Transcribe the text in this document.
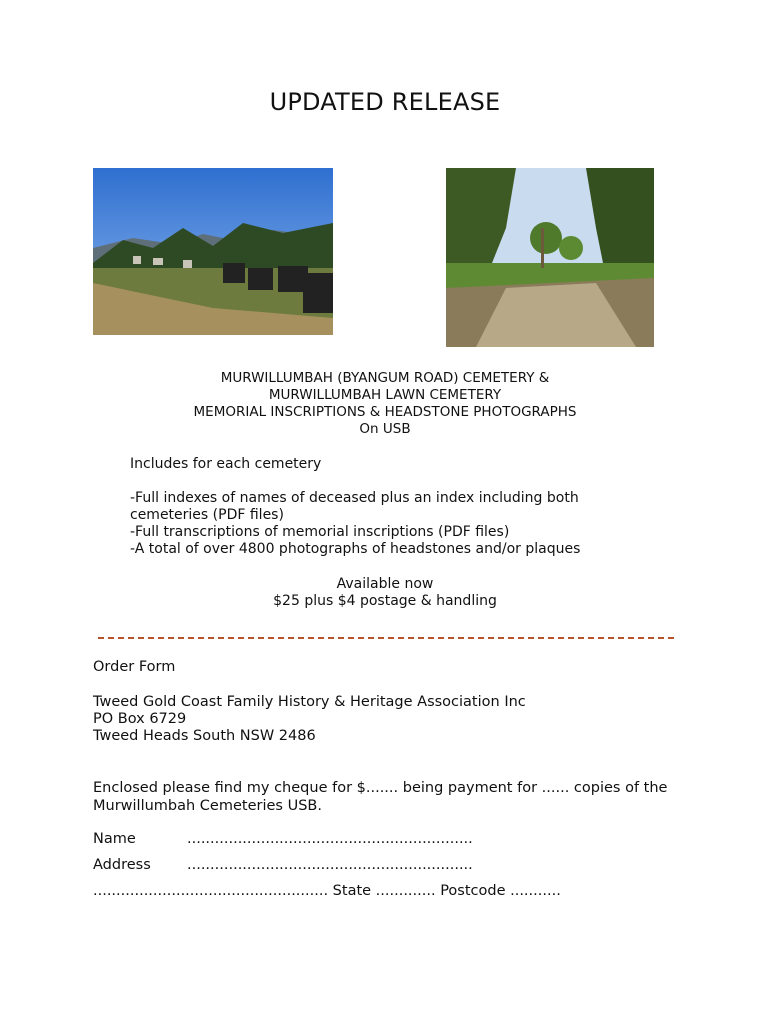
UPDATED RELEASE
MURWILLUMBAH (BYANGUM ROAD) CEMETERY &
MURWILLUMBAH LAWN CEMETERY
MEMORIAL INSCRIPTIONS & HEADSTONE PHOTOGRAPHS
On USB
Includes for each cemetery
-Full indexes of names of deceased plus an index including both cemeteries (PDF files)
-Full transcriptions of memorial inscriptions (PDF files)
-A total of over 4800 photographs of headstones and/or plaques
Available now
$25 plus $4 postage & handling
Order Form
Tweed Gold Coast Family History & Heritage Association Inc
PO Box 6729
Tweed Heads South NSW 2486
Enclosed please find my cheque for $....... being payment for ...... copies of the Murwillumbah Cemeteries USB.
Name	..............................................................
Address	..............................................................
................................................... State ............. Postcode ...........
